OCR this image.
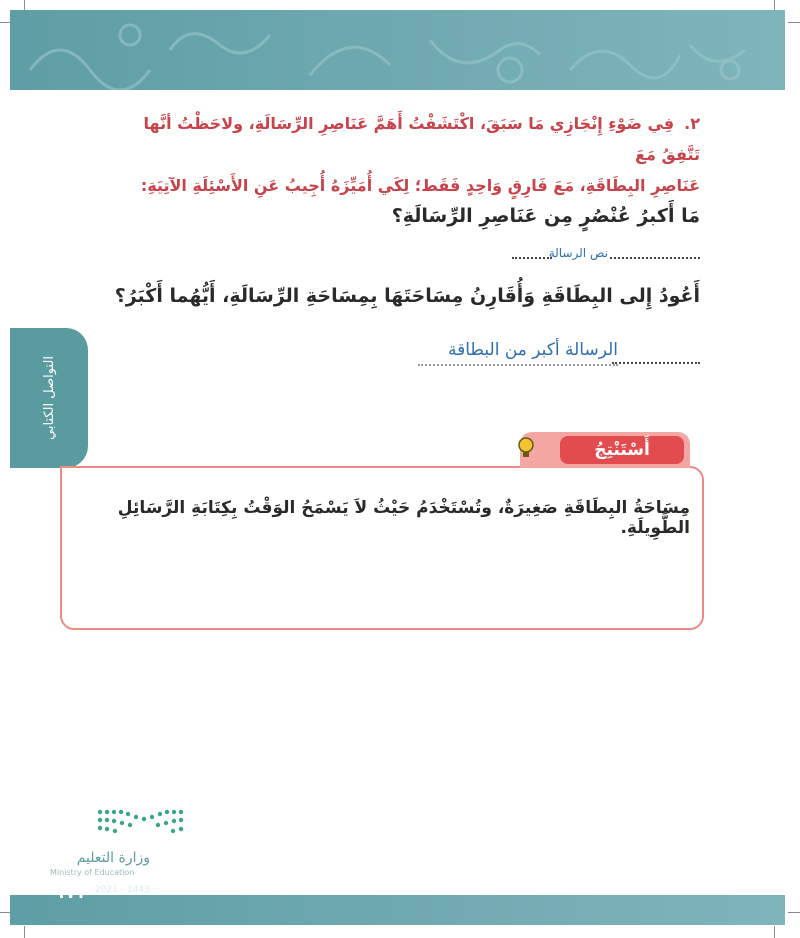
٢.فِي ضَوْءِ إِنْجَازِي مَا سَبَقَ، اكْتَشَفْتُ أَهَمَّ عَنَاصِرِ الرِّسَالَةِ، ولاحَظْتُ أنَّها تَتَّفِقُ مَعَ
عَنَاصِرِ البِطَاقَةِ، مَعَ فَارِقٍ وَاحِدٍ فَقَط؛ لِكَي أُمَيِّزَهُ أُجِيبُ عَنِ الأَسْئِلَةِ الآتِيَةِ:
مَا أَكبرُ عُنْصُرٍ مِن عَنَاصِرِ الرِّسَالَةِ؟
نص الرسالة
أَعُودُ إِلى البِطَاقَةِ وَأُقَارِنُ مِسَاحَتَهَا بِمِسَاحَةِ الرِّسَالَةِ، أَيُّهُما أَكْبَرُ؟
الرسالة أكبر من البطاقة
التواصل الكتابي
أَسْتَنْتِجُ
مِسَاحَةُ البِطَاقَةِ صَغِيرَةٌ، وتُسْتَخْدَمُ حَيْثُ لاَ يَسْمَحُ الوَقْتُ بِكِتَابَةِ الرَّسَائِلِ الطَّوِيلَةِ.
وزارة التعليم
Ministry of Education
١٧١ 2021 - 1443
